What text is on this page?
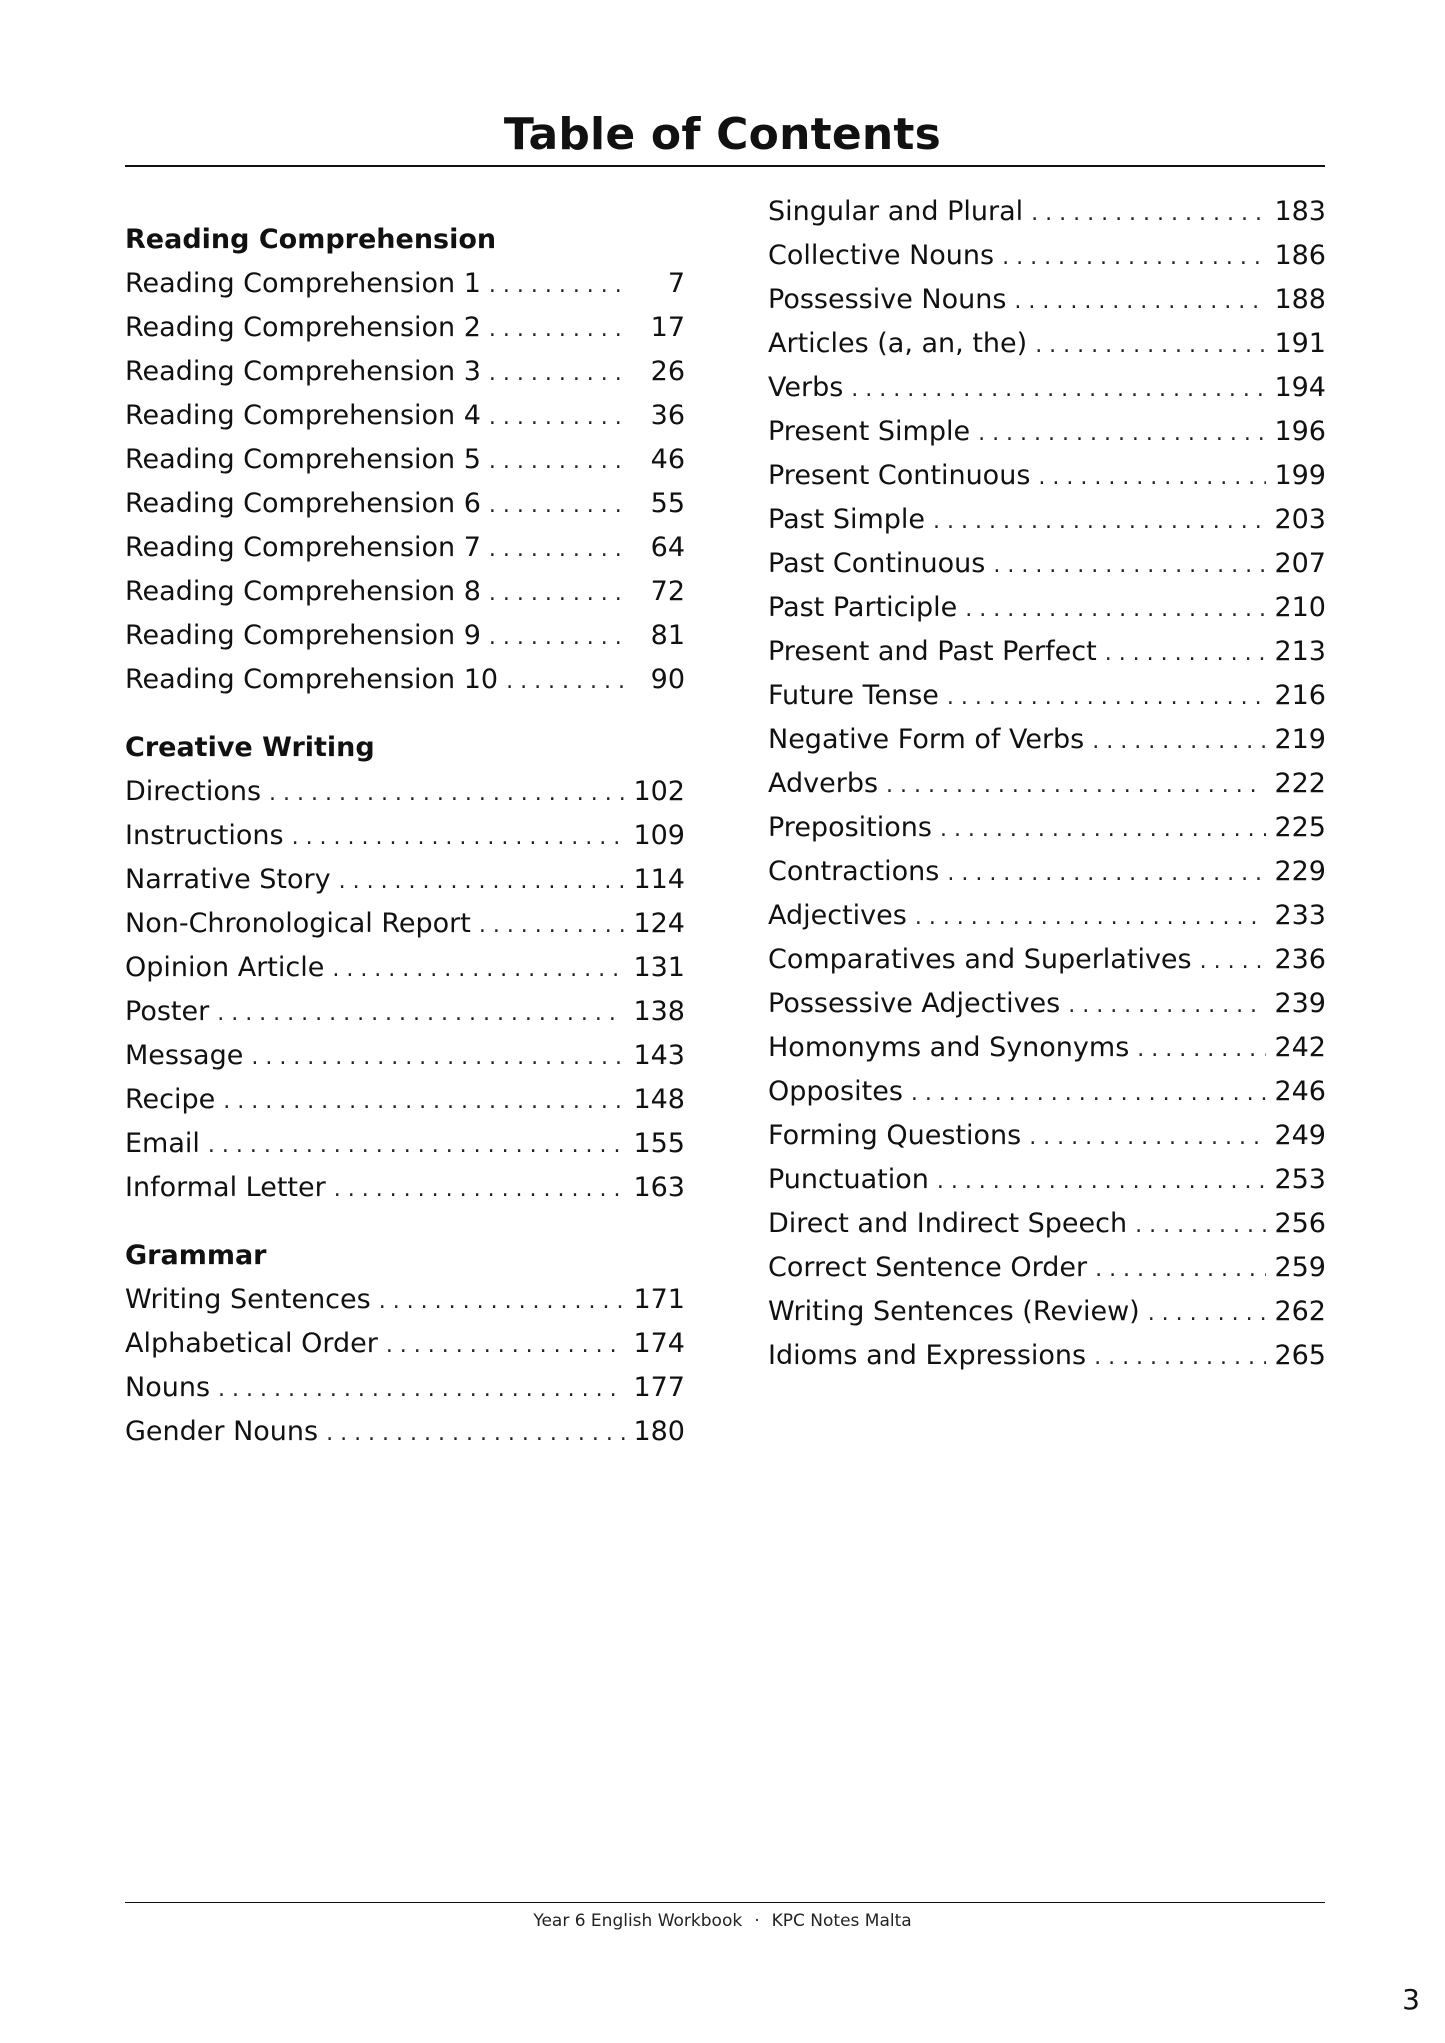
Table of Contents
Reading Comprehension
Reading Comprehension 1 . . .	7
Reading Comprehension 2 . . .	17
Reading Comprehension 3 . . .	26
Reading Comprehension 4 . . .	36
Reading Comprehension 5 . . .	46
Reading Comprehension 6 . . .	55
Reading Comprehension 7 . . .	64
Reading Comprehension 8 . . .	72
Reading Comprehension 9 . . .	81
Reading Comprehension 10 . . .	90
Creative Writing
Directions . . .	102
Instructions . . .	109
Narrative Story . . .	114
Non-Chronological Report . . .	124
Opinion Article . . .	131
Poster . . .	138
Message . . .	143
Recipe . . .	148
Email . . .	155
Informal Letter . . .	163
Grammar
Writing Sentences . . .	171
Alphabetical Order . . .	174
Nouns . . .	177
Gender Nouns . . .	180
Singular and Plural . . .	183
Collective Nouns . . .	186
Possessive Nouns . . .	188
Articles (a, an, the) . . .	191
Verbs . . .	194
Present Simple . . .	196
Present Continuous . . .	199
Past Simple . . .	203
Past Continuous . . .	207
Past Participle . . .	210
Present and Past Perfect . . .	213
Future Tense . . .	216
Negative Form of Verbs . . .	219
Adverbs . . .	222
Prepositions . . .	225
Contractions . . .	229
Adjectives . . .	233
Comparatives and Superlatives . . .	236
Possessive Adjectives . . .	239
Homonyms and Synonyms . . .	242
Opposites . . .	246
Forming Questions . . .	249
Punctuation . . .	253
Direct and Indirect Speech . . .	256
Correct Sentence Order . . .	259
Writing Sentences (Review) . . .	262
Idioms and Expressions . . .	265
Year 6 English Workbook · KPC Notes Malta
3
